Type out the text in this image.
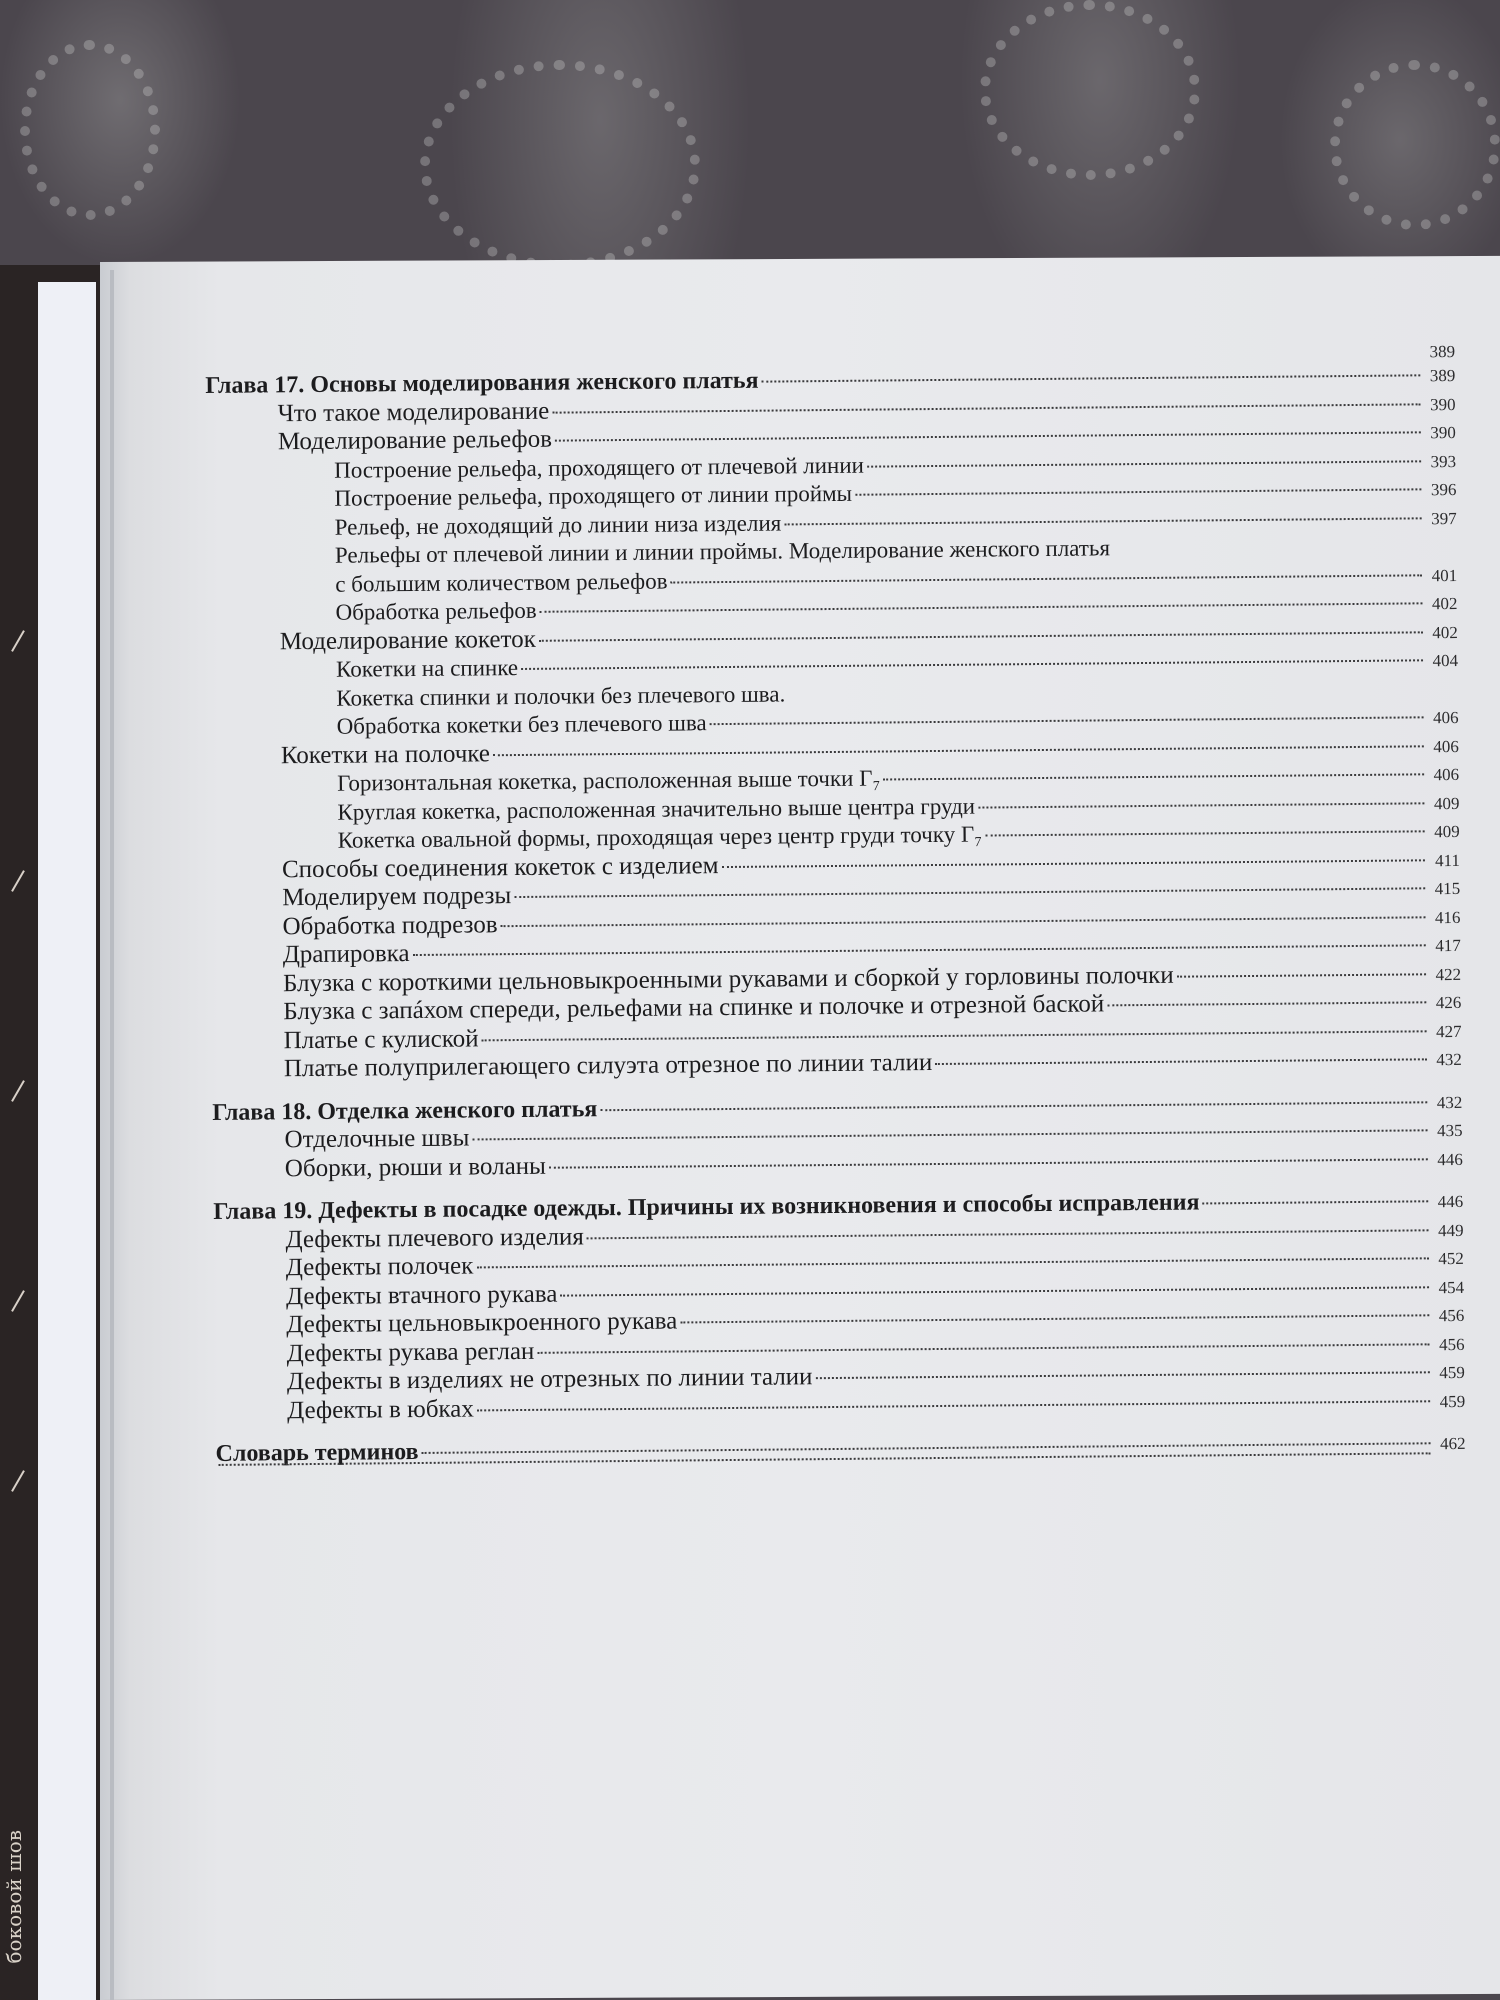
боковой шов
389
Глава 17. Основы моделирования женского платья	389
Что такое моделирование	390
Моделирование рельефов	390
Построение рельефа, проходящего от плечевой линии	393
Построение рельефа, проходящего от линии проймы	396
Рельеф, не доходящий до линии низа изделия	397
Рельефы от плечевой линии и линии проймы. Моделирование женского платья
с большим количеством рельефов	401
Обработка рельефов	402
Моделирование кокеток	402
Кокетки на спинке	404
Кокетка спинки и полочки без плечевого шва.
Обработка кокетки без плечевого шва	406
Кокетки на полочке	406
Горизонтальная кокетка, расположенная выше точки Г₇	406
Круглая кокетка, расположенная значительно выше центра груди	409
Кокетка овальной формы, проходящая через центр груди точку Г₇	409
Способы соединения кокеток с изделием	411
Моделируем подрезы	415
Обработка подрезов	416
Драпировка	417
Блузка с короткими цельновыкроенными рукавами и сборкой у горловины полочки	422
Блузка с запáхом спереди, рельефами на спинке и полочке и отрезной баской	426
Платье с кулиской	427
Платье полуприлегающего силуэта отрезное по линии талии	432
Глава 18. Отделка женского платья	432
Отделочные швы	435
Оборки, рюши и воланы	446
Глава 19. Дефекты в посадке одежды. Причины их возникновения и способы исправления	446
Дефекты плечевого изделия	449
Дефекты полочек	452
Дефекты втачного рукава	454
Дефекты цельновыкроенного рукава	456
Дефекты рукава реглан	456
Дефекты в изделиях не отрезных по линии талии	459
Дефекты в юбках	459
Словарь терминов	462
